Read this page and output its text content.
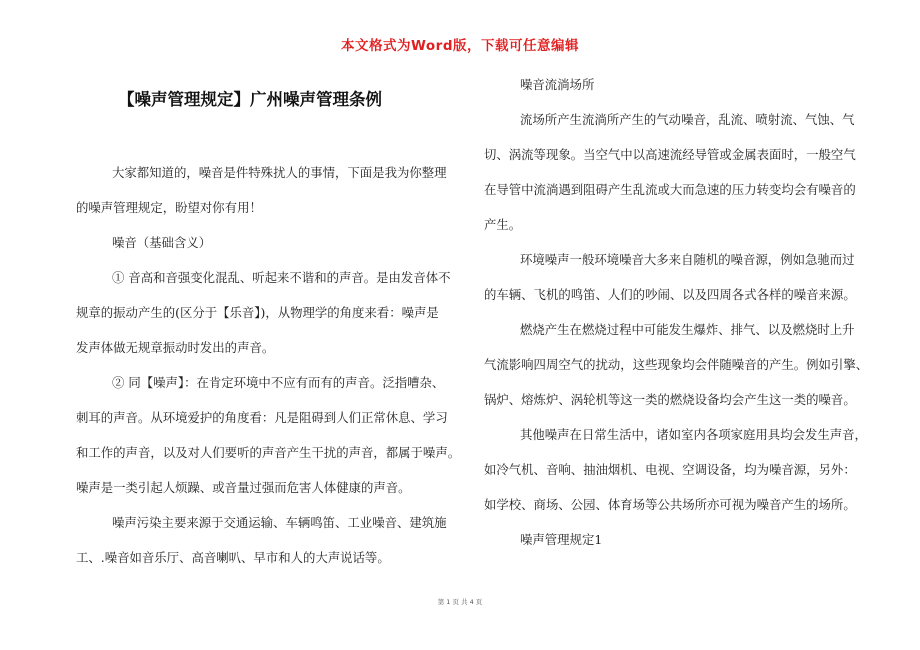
本文格式为Word版，下载可任意编辑
【噪声管理规定】广州噪声管理条例
大家都知道的，噪音是件特殊扰人的事情，下面是我为你整理
的噪声管理规定，盼望对你有用！
噪音（基础含义）
① 音高和音强变化混乱、听起来不谐和的声音。是由发音体不
规章的振动产生的(区分于【乐音】)，从物理学的角度来看：噪声是
发声体做无规章振动时发出的声音。
② 同【噪声】：在肯定环境中不应有而有的声音。泛指嘈杂、
刺耳的声音。从环境爱护的角度看：凡是阻碍到人们正常休息、学习
和工作的声音，以及对人们要听的声音产生干扰的声音，都属于噪声。
噪声是一类引起人烦躁、或音量过强而危害人体健康的声音。
噪声污染主要来源于交通运输、车辆鸣笛、工业噪音、建筑施
工、.噪音如音乐厅、高音喇叭、早市和人的大声说话等。
噪音流淌场所
流场所产生流淌所产生的气动噪音，乱流、喷射流、气蚀、气
切、涡流等现象。当空气中以高速流经导管或金属表面时，一般空气
在导管中流淌遇到阻碍产生乱流或大而急速的压力转变均会有噪音的
产生。
环境噪声一般环境噪音大多来自随机的噪音源，例如急驰而过
的车辆、飞机的鸣笛、人们的吵闹、以及四周各式各样的噪音来源。
燃烧产生在燃烧过程中可能发生爆炸、排气、以及燃烧时上升
气流影响四周空气的扰动，这些现象均会伴随噪音的产生。例如引擎、
锅炉、熔炼炉、涡轮机等这一类的燃烧设备均会产生这一类的噪音。
其他噪声在日常生活中，诸如室内各项家庭用具均会发生声音，
如冷气机、音响、抽油烟机、电视、空调设备，均为噪音源，另外：
如学校、商场、公园、体育场等公共场所亦可视为噪音产生的场所。
噪声管理规定1
第 1 页 共 4 页
